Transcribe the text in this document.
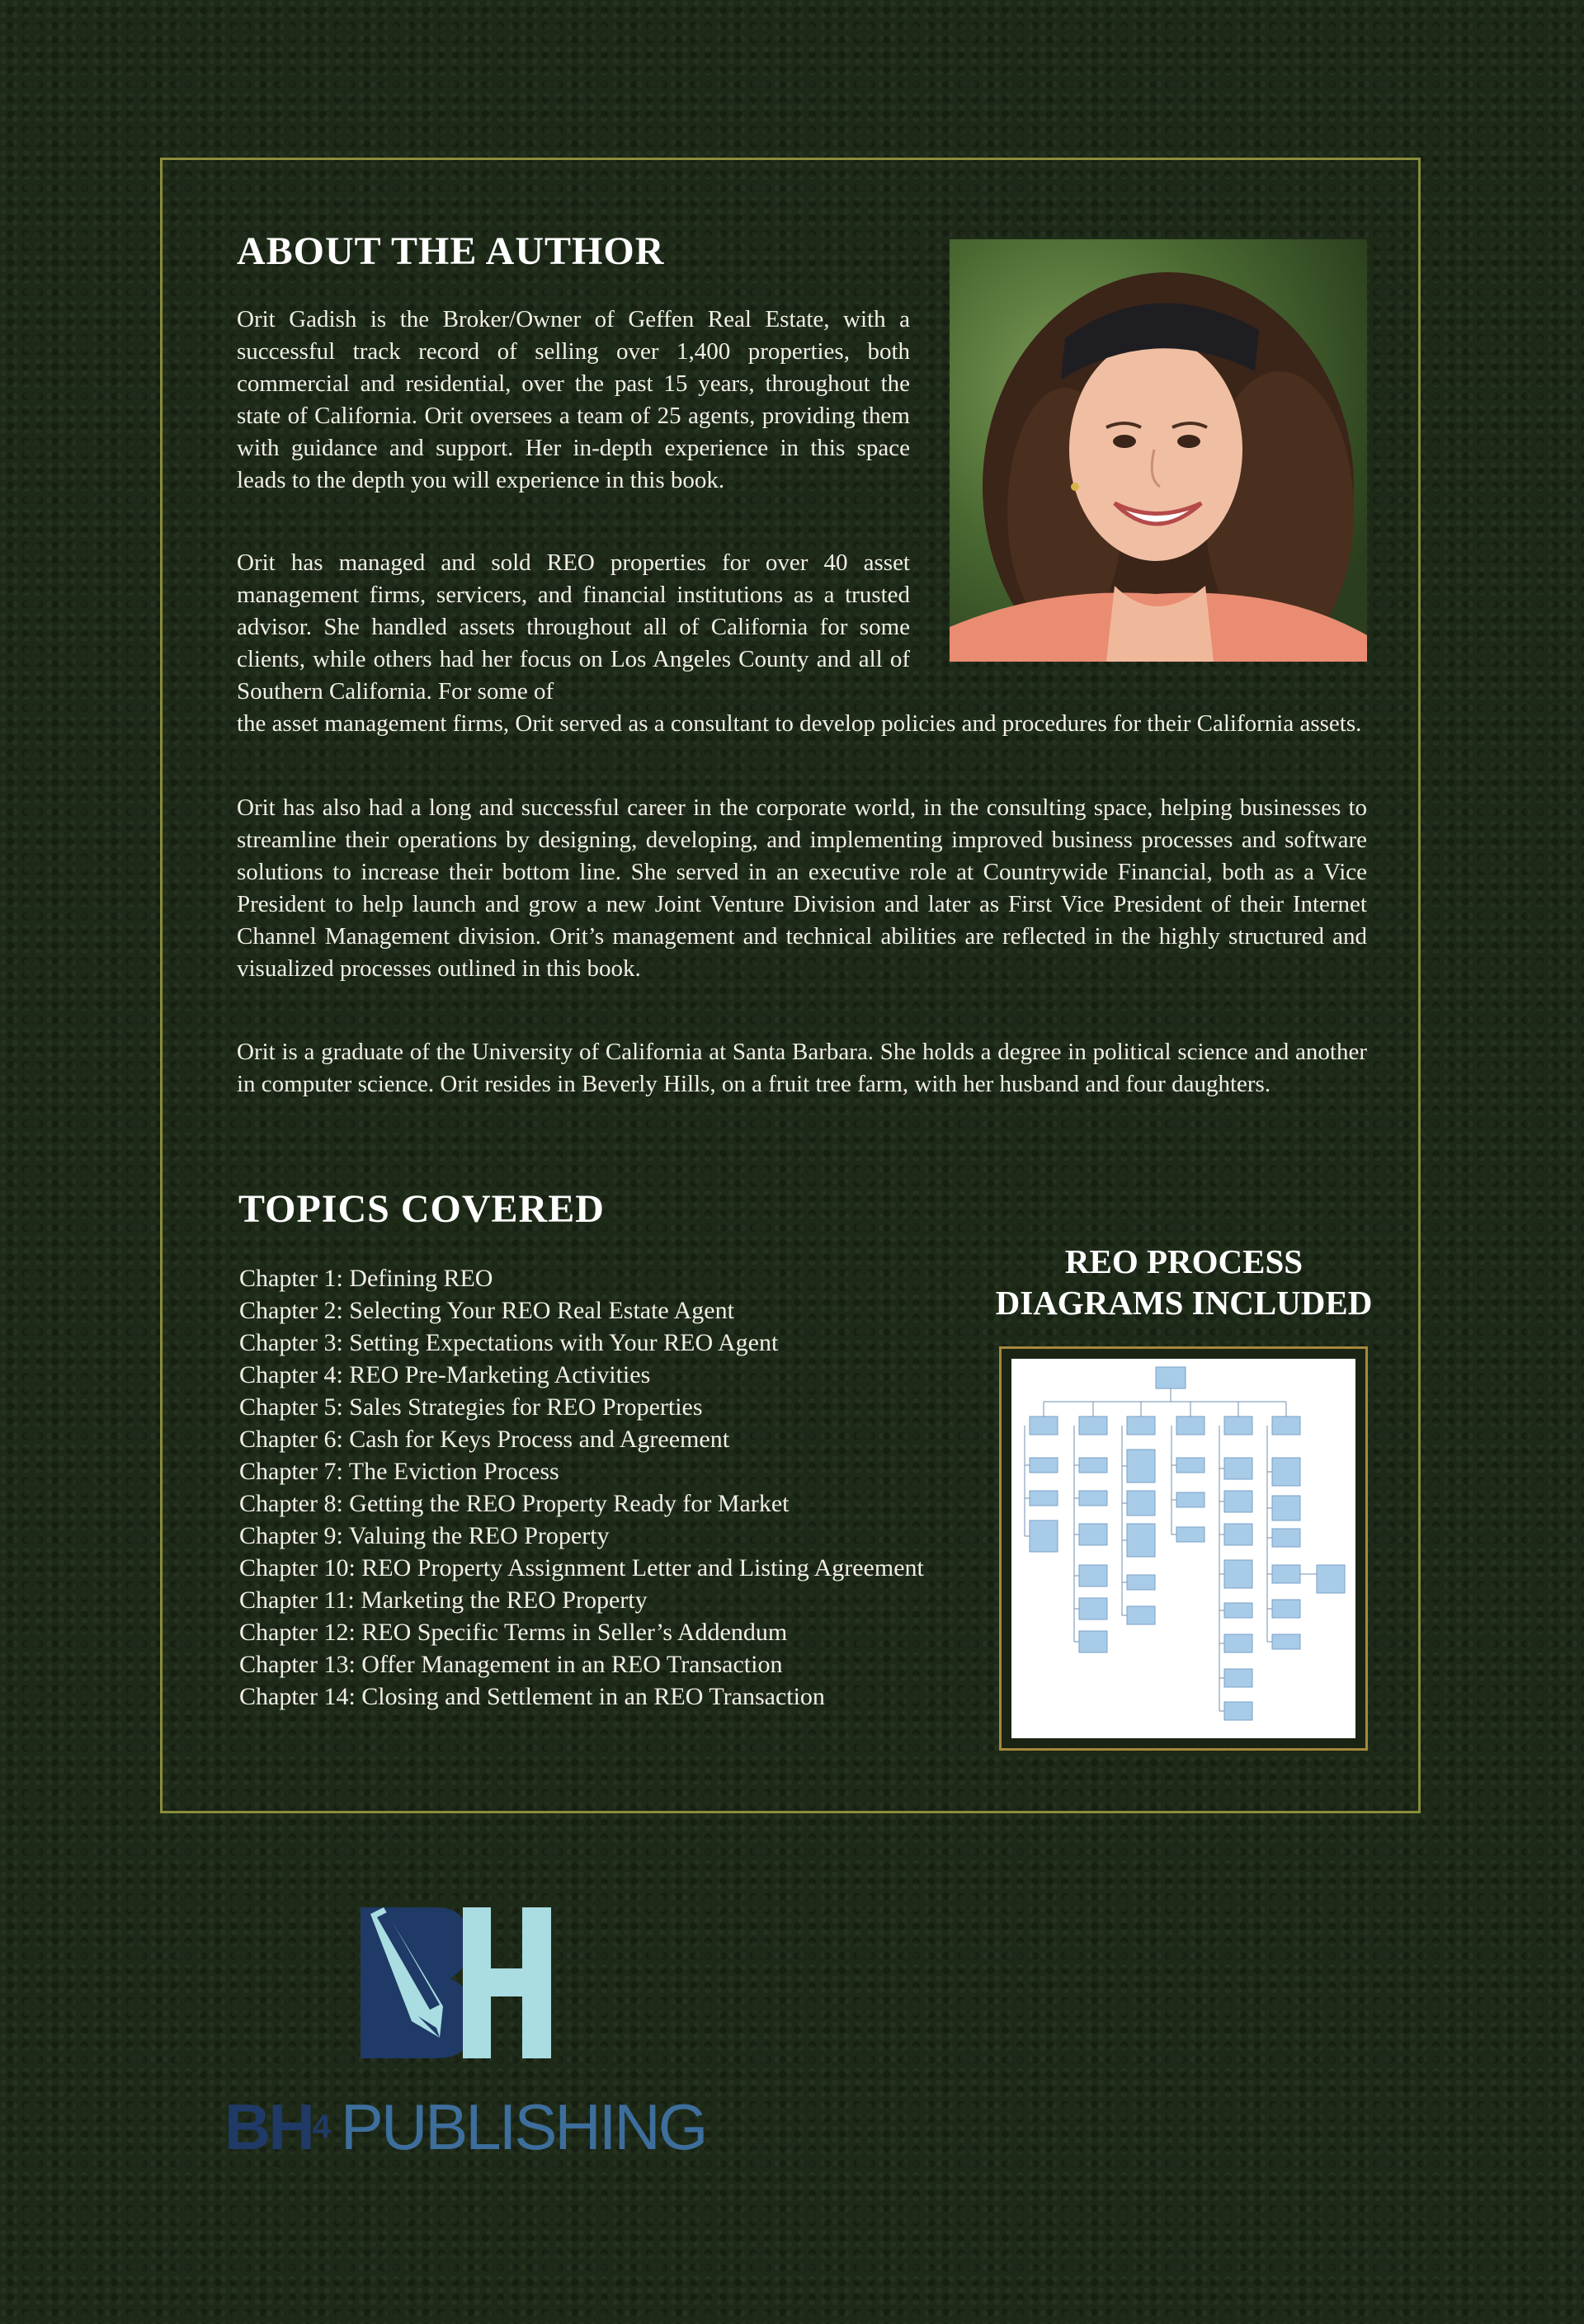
ABOUT THE AUTHOR

Orit Gadish is the Broker/Owner of Geffen Real Estate, with a successful track record of selling over 1,400 properties, both commercial and residential, over the past 15 years, throughout the state of California. Orit oversees a team of 25 agents, providing them with guidance and support. Her in-depth experience in this space leads to the depth you will experience in this book.

Orit has managed and sold REO properties for over 40 asset management firms, servicers, and financial institutions as a trusted advisor. She handled assets throughout all of California for some clients, while others had her focus on Los Angeles County and all of Southern California. For some of

the asset management firms, Orit served as a consultant to develop policies and procedures for their California assets.

Orit has also had a long and successful career in the corporate world, in the consulting space, helping businesses to streamline their operations by designing, developing, and implementing improved business processes and software solutions to increase their bottom line. She served in an executive role at Countrywide Financial, both as a Vice President to help launch and grow a new Joint Venture Division and later as First Vice President of their Internet Channel Management division. Orit’s management and technical abilities are reflected in the highly structured and visualized processes outlined in this book.

Orit is a graduate of the University of California at Santa Barbara. She holds a degree in political science and another in computer science. Orit resides in Beverly Hills, on a fruit tree farm, with her husband and four daughters.

TOPICS COVERED
Chapter 1: Defining REO
Chapter 2: Selecting Your REO Real Estate Agent
Chapter 3: Setting Expectations with Your REO Agent
Chapter 4: REO Pre-Marketing Activities
Chapter 5: Sales Strategies for REO Properties
Chapter 6: Cash for Keys Process and Agreement
Chapter 7: The Eviction Process
Chapter 8: Getting the REO Property Ready for Market
Chapter 9: Valuing the REO Property
Chapter 10: REO Property Assignment Letter and Listing Agreement
Chapter 11: Marketing the REO Property
Chapter 12: REO Specific Terms in Seller’s Addendum
Chapter 13: Offer Management in an REO Transaction
Chapter 14: Closing and Settlement in an REO Transaction
REO PROCESS
DIAGRAMS INCLUDED
$BH^4$ PUBLISHING
